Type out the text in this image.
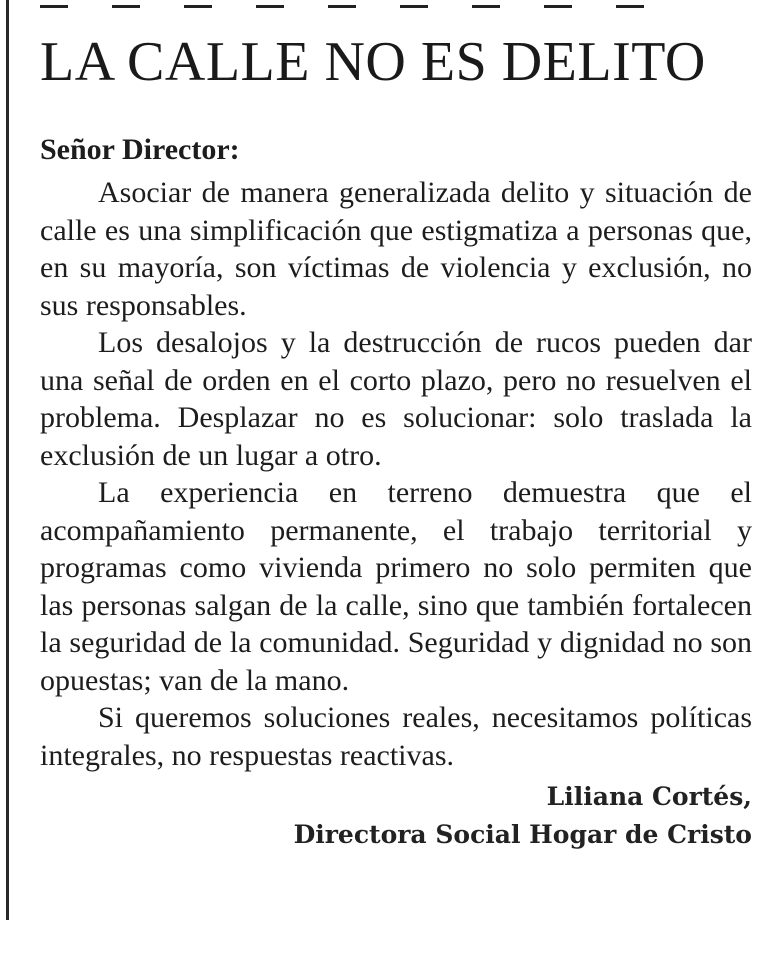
LA CALLE NO ES DELITO
Señor Director:

Asociar de manera generalizada delito y situación de calle es una simplificación que estigmatiza a personas que, en su mayoría, son víctimas de violencia y exclusión, no sus responsables.

Los desalojos y la destrucción de rucos pueden dar una señal de orden en el corto plazo, pero no resuelven el problema. Desplazar no es solucionar: solo traslada la exclusión de un lugar a otro.

La experiencia en terreno demuestra que el acompañamiento permanente, el trabajo territorial y programas como vivienda primero no solo permiten que las personas salgan de la calle, sino que también fortalecen la seguridad de la comunidad. Seguridad y dignidad no son opuestas; van de la mano.

Si queremos soluciones reales, necesitamos políticas integrales, no respuestas reactivas.

Liliana Cortés,
Directora Social Hogar de Cristo
